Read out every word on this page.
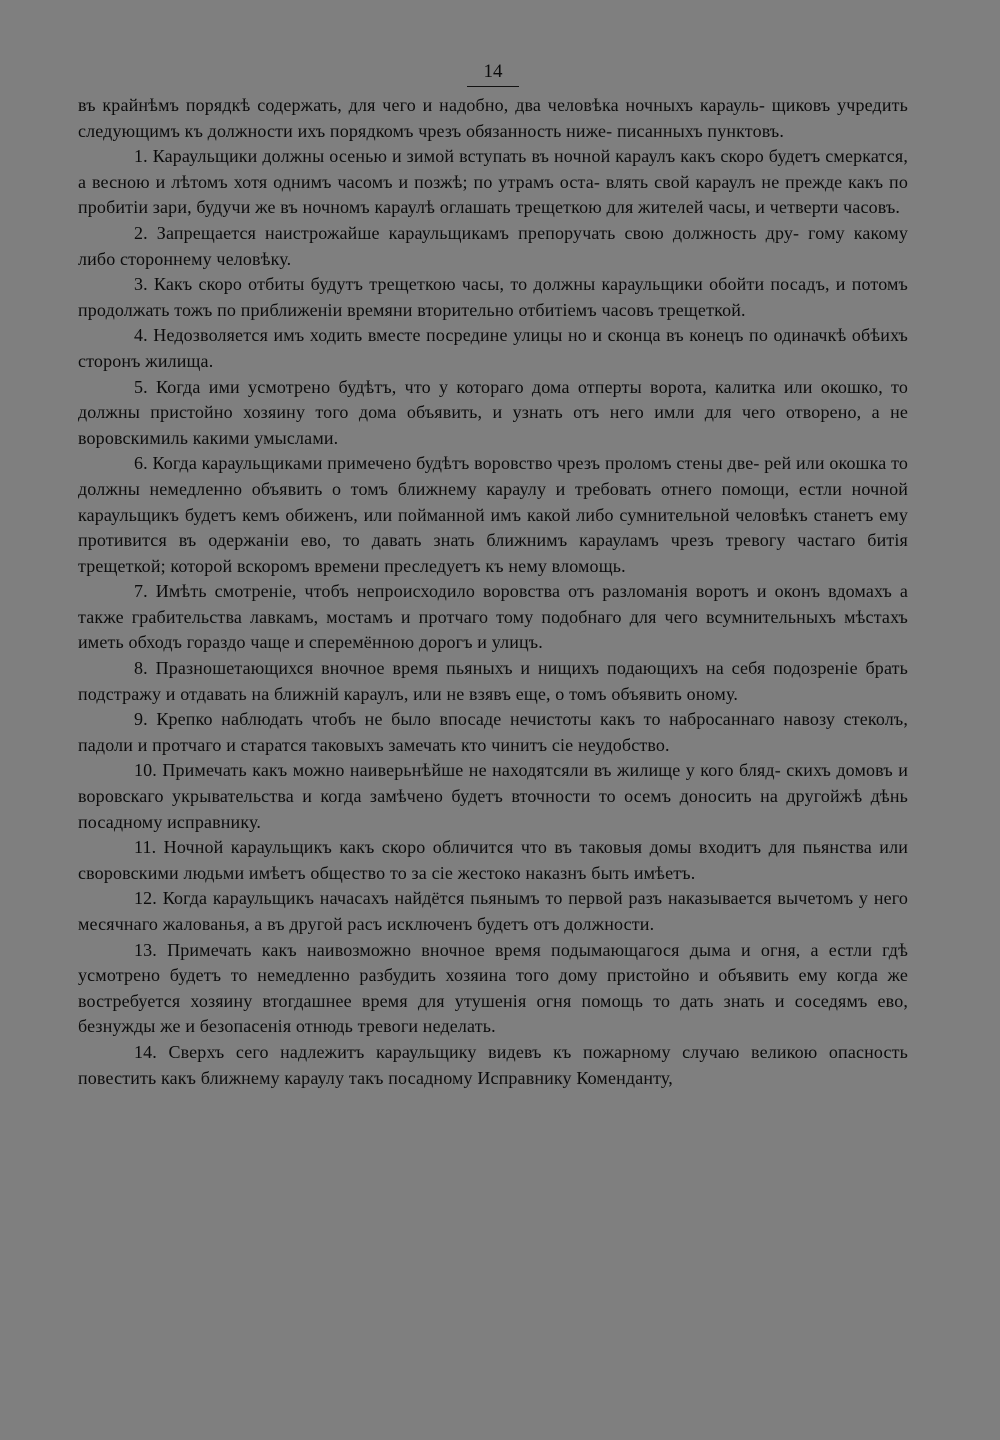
14

въ крайнѣмъ порядкѣ содержать, для чего и надобно, два человѣка ночныхъ карауль- щиковъ учредить следующимъ къ должности ихъ порядкомъ чрезъ обязанность ниже- писанныхъ пунктовъ.

1. Караульщики должны осенью и зимой вступать въ ночной караулъ какъ скоро будетъ смеркатся, а весною и лѣтомъ хотя однимъ часомъ и позжѣ; по утрамъ оста- влять свой караулъ не прежде какъ по пробитіи зари, будучи же въ ночномъ караулѣ оглашать трещеткою для жителей часы, и четверти часовъ.

2. Запрещается наистрожайше караульщикамъ препоручать свою должность дру- гому какому либо стороннему человѣку.

3. Какъ скоро отбиты будутъ трещеткою часы, то должны караульщики обойти посадъ, и потомъ продолжать тожъ по приближенiи времяни вторительно отбитiемъ часовъ трещеткой.

4. Недозволяется имъ ходить вместе посредине улицы но и сконца въ конецъ по одиначкѣ обѣихъ сторонъ жилища.

5. Когда ими усмотрено будѣтъ, что у котораго дома отперты ворота, калитка или окошко, то должны пристойно хозяину того дома объявить, и узнать отъ него имли для чего отворено, а не воровскимиль какими умыслами.

6. Когда караульщиками примечено будѣтъ воровство чрезъ проломъ стены две- рей или окошка то должны немедленно объявить о томъ ближнему караулу и требовать отнего помощи, естли ночной караульщикъ будетъ кемъ обиженъ, или пойманной имъ какой либо сумнительной человѣкъ станетъ ему противится въ одержанiи ево, то давать знать ближнимъ карауламъ чрезъ тревогу частаго битiя трещеткой; которой вскоромъ времени преследуетъ къ нему вломощь.

7. Имѣть смотренiе, чтобъ непроисходило воровства отъ разломанiя воротъ и оконъ вдомахъ а также грабительства лавкамъ, мостамъ и протчаго тому подобнаго для чего всумнительныхъ мѣстахъ иметь обходъ гораздо чаще и сперемённою дорогъ и улицъ.

8. Празношетающихся вночное время пьяныхъ и нищихъ подающихъ на себя подозренiе брать подстражу и отдавать на ближнiй караулъ, или не взявъ еще, о томъ объявить оному.

9. Крепко наблюдать чтобъ не было впосаде нечистоты какъ то наброcаннаго навозу стеколъ, падоли и протчаго и старатся таковыхъ замечать кто чинитъ сiе неудобство.

10. Примечать какъ можно наиверьнѣйше не находятсяли въ жилище у кого бляд- скихъ домовъ и воровскаго укрывательства и когда замѣчено будетъ вточности то осемъ доносить на другойжѣ дѣнь посадному исправнику.

11. Ночной караульщикъ какъ скоро обличится что въ таковыя домы входитъ для пьянства или своровскими людьми имѣетъ общество то за сiе жестоко наказнъ быть имѣетъ.

12. Когда караульщикъ начасахъ найдётся пьянымъ то первой разъ наказывается вычетомъ у него месячнаго жалованья, а въ другой расъ исключенъ будетъ отъ должности.

13. Примечать какъ наивозможно вночное время подымающагося дыма и огня, а естли гдѣ усмотрено будетъ то немедленно разбудить хозяина того дому пристойно и объявить ему когда же востребуется хозяину втогдашнее время для утушенiя огня помощь то дать знать и соседямъ ево, безнужды же и безопасенiя отнюдь тревоги неделать.

14. Сверхъ сего надлежитъ караульщику видевъ къ пожарному случаю великою опасность повестить какъ ближнему караулу такъ посадному Исправнику Коменданту,
